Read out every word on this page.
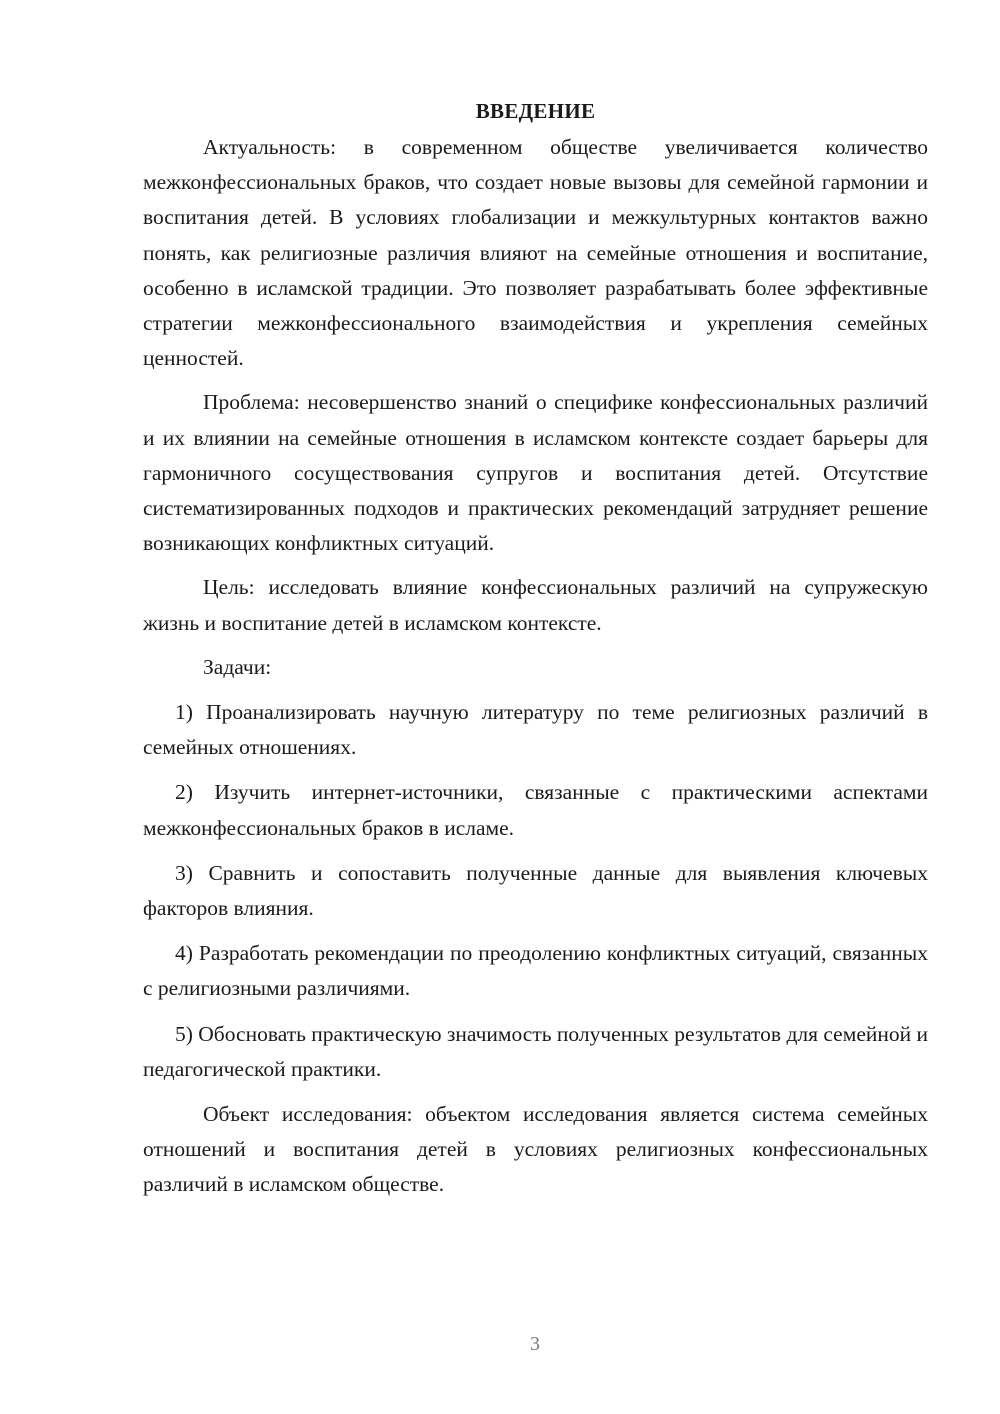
ВВЕДЕНИЕ

Актуальность: в современном обществе увеличивается количество межконфессиональных браков, что создает новые вызовы для семейной гармонии и воспитания детей. В условиях глобализации и межкультурных контактов важно понять, как религиозные различия влияют на семейные отношения и воспитание, особенно в исламской традиции. Это позволяет разрабатывать более эффективные стратегии межконфессионального взаимодействия и укрепления семейных ценностей.

Проблема: несовершенство знаний о специфике конфессиональных различий и их влиянии на семейные отношения в исламском контексте создает барьеры для гармоничного сосуществования супругов и воспитания детей. Отсутствие систематизированных подходов и практических рекомендаций затрудняет решение возникающих конфликтных ситуаций.

Цель: исследовать влияние конфессиональных различий на супружескую жизнь и воспитание детей в исламском контексте.

Задачи:

1) Проанализировать научную литературу по теме религиозных различий в семейных отношениях.

2) Изучить интернет-источники, связанные с практическими аспектами межконфессиональных браков в исламе.

3) Сравнить и сопоставить полученные данные для выявления ключевых факторов влияния.

4) Разработать рекомендации по преодолению конфликтных ситуаций, связанных с религиозными различиями.

5) Обосновать практическую значимость полученных результатов для семейной и педагогической практики.

Объект исследования: объектом исследования является система семейных отношений и воспитания детей в условиях религиозных конфессиональных различий в исламском обществе.

3
